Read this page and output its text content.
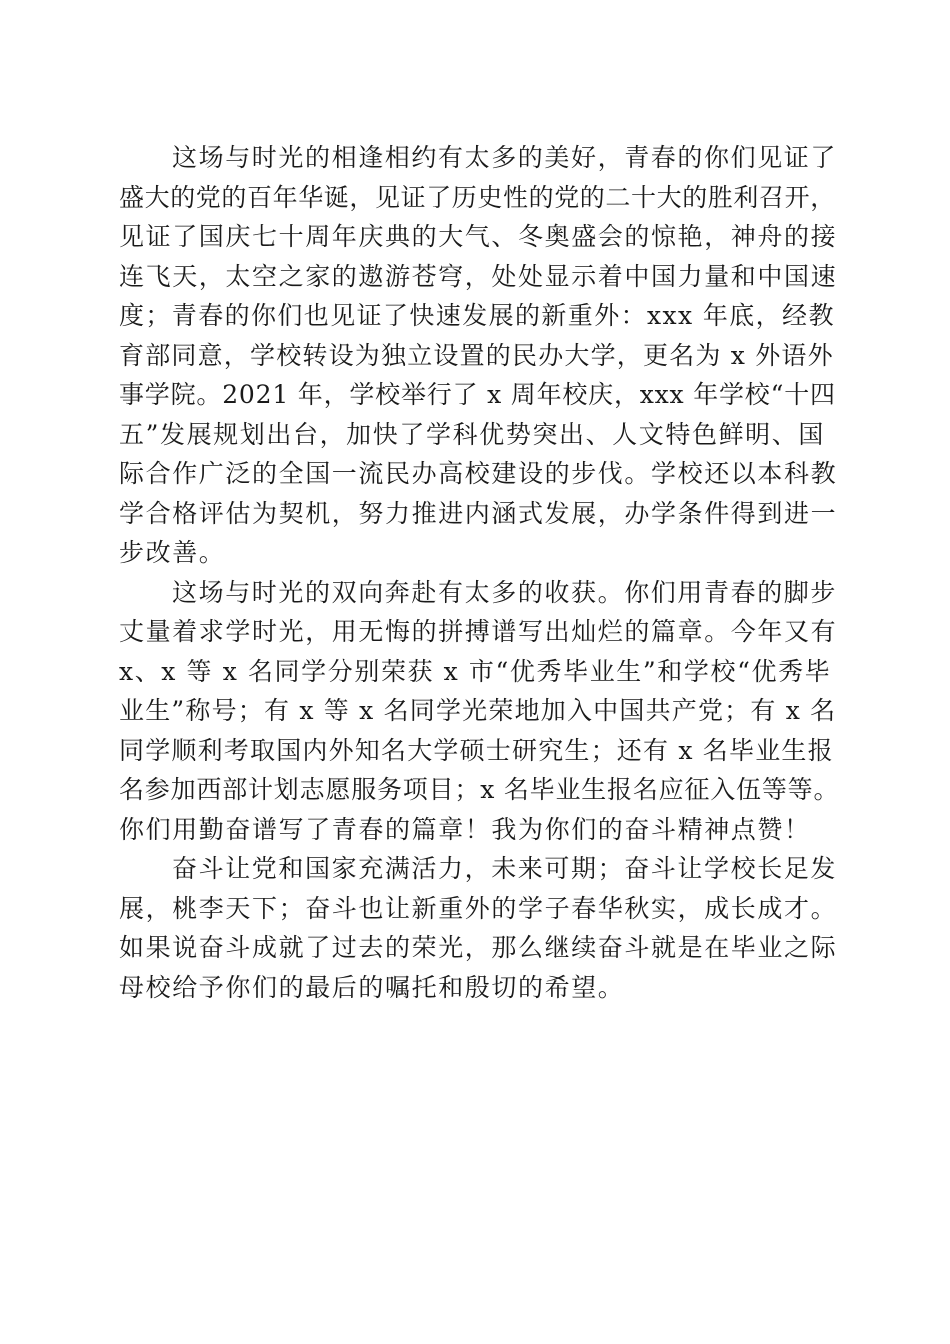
这场与时光的相逢相约有太多的美好，青春的你们见证了
盛大的党的百年华诞，见证了历史性的党的二十大的胜利召开，
见证了国庆七十周年庆典的大气、冬奥盛会的惊艳，神舟的接
连飞天，太空之家的遨游苍穹，处处显示着中国力量和中国速
度；青春的你们也见证了快速发展的新重外：xxx 年底，经教
育部同意，学校转设为独立设置的民办大学，更名为 x 外语外
事学院。2021 年，学校举行了 x 周年校庆，xxx 年学校“十四
五”发展规划出台，加快了学科优势突出、人文特色鲜明、国
际合作广泛的全国一流民办高校建设的步伐。学校还以本科教
学合格评估为契机，努力推进内涵式发展，办学条件得到进一
步改善。
这场与时光的双向奔赴有太多的收获。你们用青春的脚步
丈量着求学时光，用无悔的拼搏谱写出灿烂的篇章。今年又有
x、x 等 x 名同学分别荣获 x 市“优秀毕业生”和学校“优秀毕
业生”称号；有 x 等 x 名同学光荣地加入中国共产党；有 x 名
同学顺利考取国内外知名大学硕士研究生；还有 x 名毕业生报
名参加西部计划志愿服务项目；x 名毕业生报名应征入伍等等。
你们用勤奋谱写了青春的篇章！我为你们的奋斗精神点赞！
奋斗让党和国家充满活力，未来可期；奋斗让学校长足发
展，桃李天下；奋斗也让新重外的学子春华秋实，成长成才。
如果说奋斗成就了过去的荣光，那么继续奋斗就是在毕业之际
母校给予你们的最后的嘱托和殷切的希望。
